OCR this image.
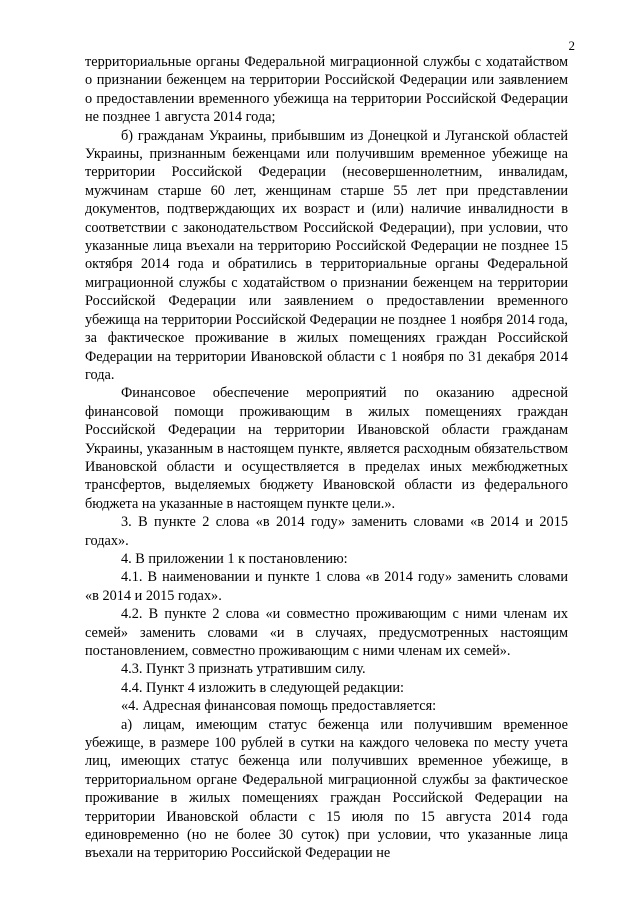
2

территориальные органы Федеральной миграционной службы с ходатайством о признании беженцем на территории Российской Федерации или заявлением о предоставлении временного убежища на территории Российской Федерации не позднее 1 августа 2014 года;

б) гражданам Украины, прибывшим из Донецкой и Луганской областей Украины, признанным беженцами или получившим временное убежище на территории Российской Федерации (несовершеннолетним, инвалидам, мужчинам старше 60 лет, женщинам старше 55 лет при представлении документов, подтверждающих их возраст и (или) наличие инвалидности в соответствии с законодательством Российской Федерации), при условии, что указанные лица въехали на территорию Российской Федерации не позднее 15 октября 2014 года и обратились в территориальные органы Федеральной миграционной службы с ходатайством о признании беженцем на территории Российской Федерации или заявлением о предоставлении временного убежища на территории Российской Федерации не позднее 1 ноября 2014 года, за фактическое проживание в жилых помещениях граждан Российской Федерации на территории Ивановской области с 1 ноября по 31 декабря 2014 года.

Финансовое обеспечение мероприятий по оказанию адресной финансовой помощи проживающим в жилых помещениях граждан Российской Федерации на территории Ивановской области гражданам Украины, указанным в настоящем пункте, является расходным обязательством Ивановской области и осуществляется в пределах иных межбюджетных трансфертов, выделяемых бюджету Ивановской области из федерального бюджета на указанные в настоящем пункте цели.».

3. В пункте 2 слова «в 2014 году» заменить словами «в 2014 и 2015 годах».

4. В приложении 1 к постановлению:

4.1. В наименовании и пункте 1 слова «в 2014 году» заменить словами «в 2014 и 2015 годах».

4.2. В пункте 2 слова «и совместно проживающим с ними членам их семей» заменить словами «и в случаях, предусмотренных настоящим постановлением, совместно проживающим с ними членам их семей».

4.3. Пункт 3 признать утратившим силу.

4.4. Пункт 4 изложить в следующей редакции:

«4. Адресная финансовая помощь предоставляется:

а) лицам, имеющим статус беженца или получившим временное убежище, в размере 100 рублей в сутки на каждого человека по месту учета лиц, имеющих статус беженца или получивших временное убежище, в территориальном органе Федеральной миграционной службы за фактическое проживание в жилых помещениях граждан Российской Федерации на территории Ивановской области с 15 июля по 15 августа 2014 года единовременно (но не более 30 суток) при условии, что указанные лица въехали на территорию Российской Федерации не
